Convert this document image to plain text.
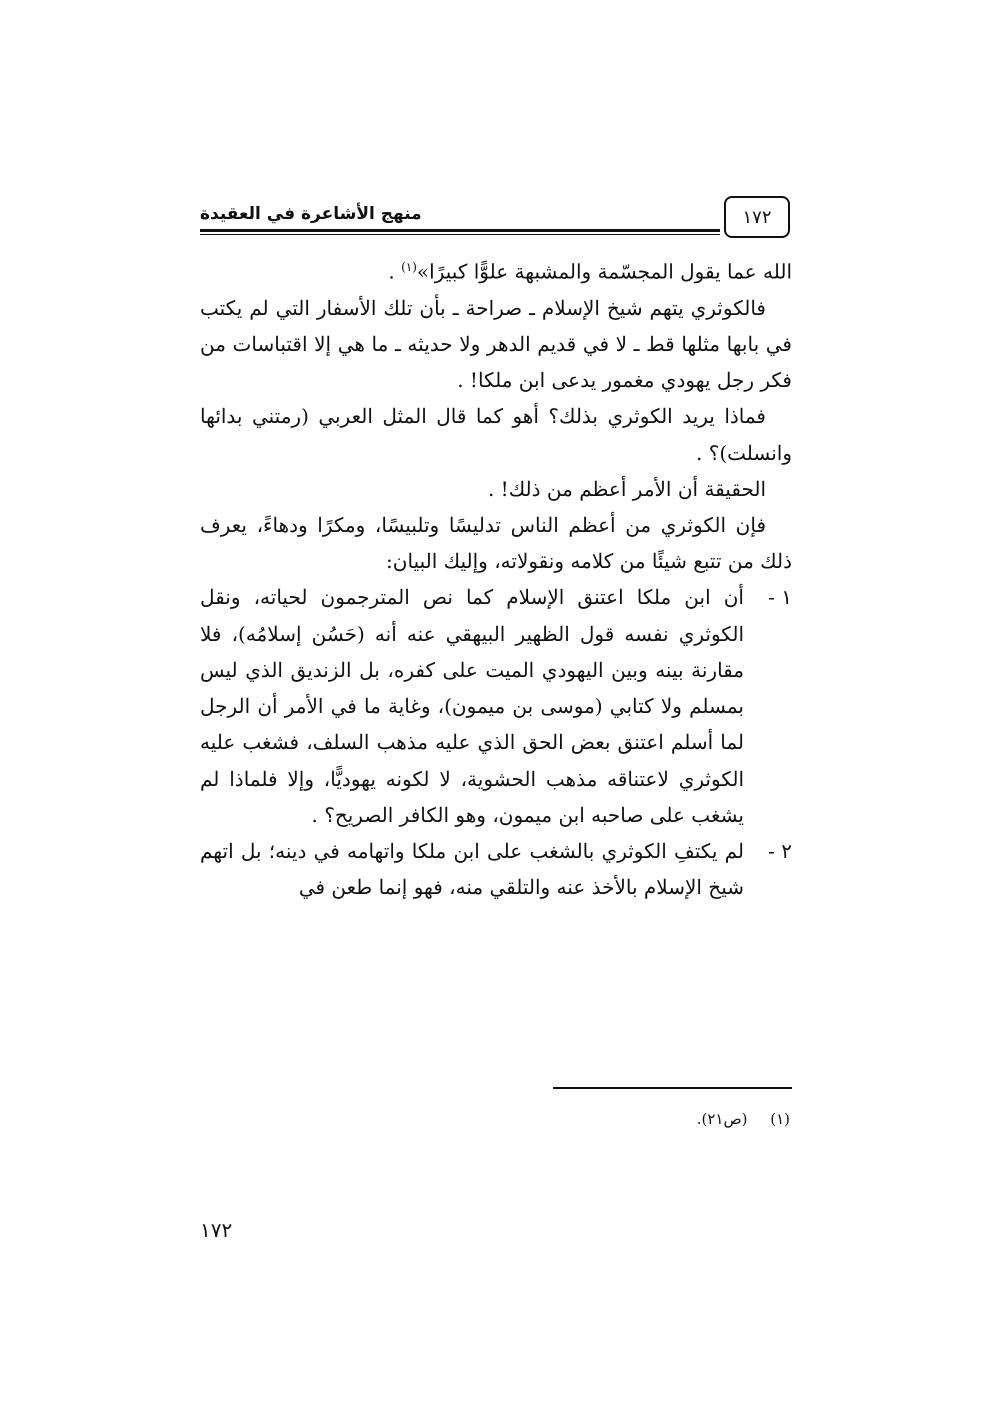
١٧٢
منهج الأشاعرة في العقيدة

الله عما يقول المجسّمة والمشبهة علوًّا كبيرًا»$^{(١)}$ .

فالكوثري يتهم شيخ الإسلام ـ صراحة ـ بأن تلك الأسفار التي لم يكتب في بابها مثلها قط ـ لا في قديم الدهر ولا حديثه ـ ما هي إلا اقتباسات من فكر رجل يهودي مغمور يدعى ابن ملكا! .

فماذا يريد الكوثري بذلك؟ أهو كما قال المثل العربي (رمتني بدائها وانسلت)؟ .

الحقيقة أن الأمر أعظم من ذلك! .

فإن الكوثري من أعظم الناس تدليسًا وتلبيسًا، ومكرًا ودهاءً، يعرف ذلك من تتبع شيئًا من كلامه ونقولاته، وإليك البيان:

١ -
أن ابن ملكا اعتنق الإسلام كما نص المترجمون لحياته، ونقل الكوثري نفسه قول الظهير البيهقي عنه أنه (حَسُن إسلامُه)، فلا مقارنة بينه وبين اليهودي الميت على كفره، بل الزنديق الذي ليس بمسلم ولا كتابي (موسى بن ميمون)، وغاية ما في الأمر أن الرجل لما أسلم اعتنق بعض الحق الذي عليه مذهب السلف، فشغب عليه الكوثري لاعتناقه مذهب الحشوية، لا لكونه يهوديًّا، وإلا فلماذا لم يشغب على صاحبه ابن ميمون، وهو الكافر الصريح؟ .

٢ -
لم يكتفِ الكوثري بالشغب على ابن ملكا واتهامه في دينه؛ بل اتهم شيخ الإسلام بالأخذ عنه والتلقي منه، فهو إنما طعن في

(١) (ص٢١).
١٧٢
